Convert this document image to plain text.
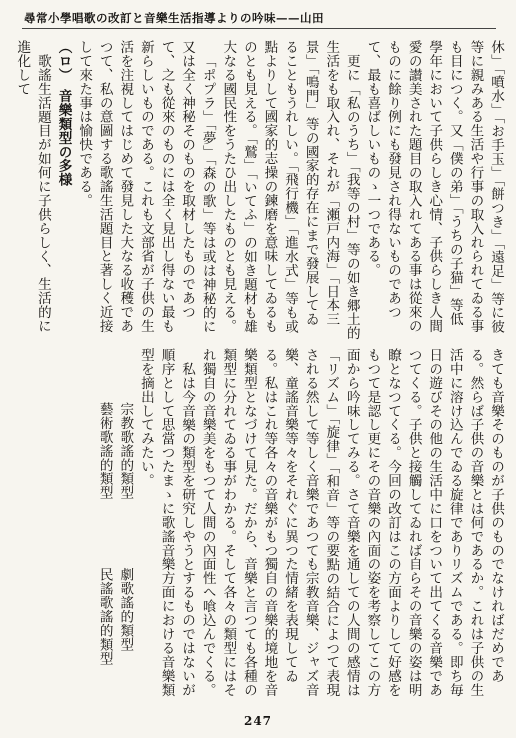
尋常小學唱歌の改訂と音樂生活指導よりの吟味——山田

休」「噴水」「お手玉」「餅つき」「遠足」等に彼等に親みある生活や行事の取入れられてゐる事も目につく。又「僕の弟」「うちの子猫」等低學年において子供らしき心情、子供らしき人間愛の讃美された題目の取入れてある事は從來のものに餘り例にも發見され得ないものであつて、最も喜ばしいものゝ一つである。

更に「私のうち」「我等の村」等の如き郷土的生活をも取入れ、それが「瀬戸内海」「日本三景」「鳴門」等の國家的存在にまで發展してゐることもうれしい。「飛行機」「進水式」等も或點よりして國家的志操の鍊磨を意味してゐるものとも見える。「鷲」「いてふ」の如き題材も雄大なる國民性をうたひ出したものとも見える。

「ポプラ」「夢」「森の歌」等は或は神秘的に又は全く神秘そのものを取材したものであつて、之も從來のものには全く見出し得ない最も新らしいものである。これも文部省が子供の生活を注視してはじめて發見した大なる收穫であつて、私の意圖する歌謠生活題目と著しく近接して來た事は愉快である。

（ロ）　音樂類型の多様

歌謠生活題目が如何に子供らしく、生活的に進化して

きても音樂そのものが子供のものでなければだめである。然らば子供の音樂とは何であるか。これは子供の生活中に溶け込んでゐる旋律でありリズムである。即ち毎日の遊びその他の生活中に口をついて出てくる音樂であつてくる。子供と接觸してゐれば自らその音樂の姿は明瞭となつてくる。今回の改訂はこの方面よりして好感をもつて是認し更にその音樂の內面の姿を考察してこの方面から吟味してみる。さて音樂を通しての人間の感情は「リズム」「旋律」「和音」等の要點の結合によつて表現される然して等しく音樂であつても宗教音樂、ジャズ音樂、童謠音樂等々をそれぐに異つた情緒を表現してゐる。私はこれ等各々の音樂がもつ獨自の音樂的境地を音樂類型となづけて見た。だから、音樂と言つても各種の類型に分れてゐる事がわかる。そして各々の類型にはそれ獨自の音樂美をもつて人間の內面性へ喰込んでくる。

私は今音樂の類型を研究しやうとするものではないが順序として思當つたまゝに歌謠音樂方面における音樂類型を摘出してみたい。

宗教歌謠的類型劇歌謠的類型

藝術歌謠的類型民謠歌謠的類型

247
